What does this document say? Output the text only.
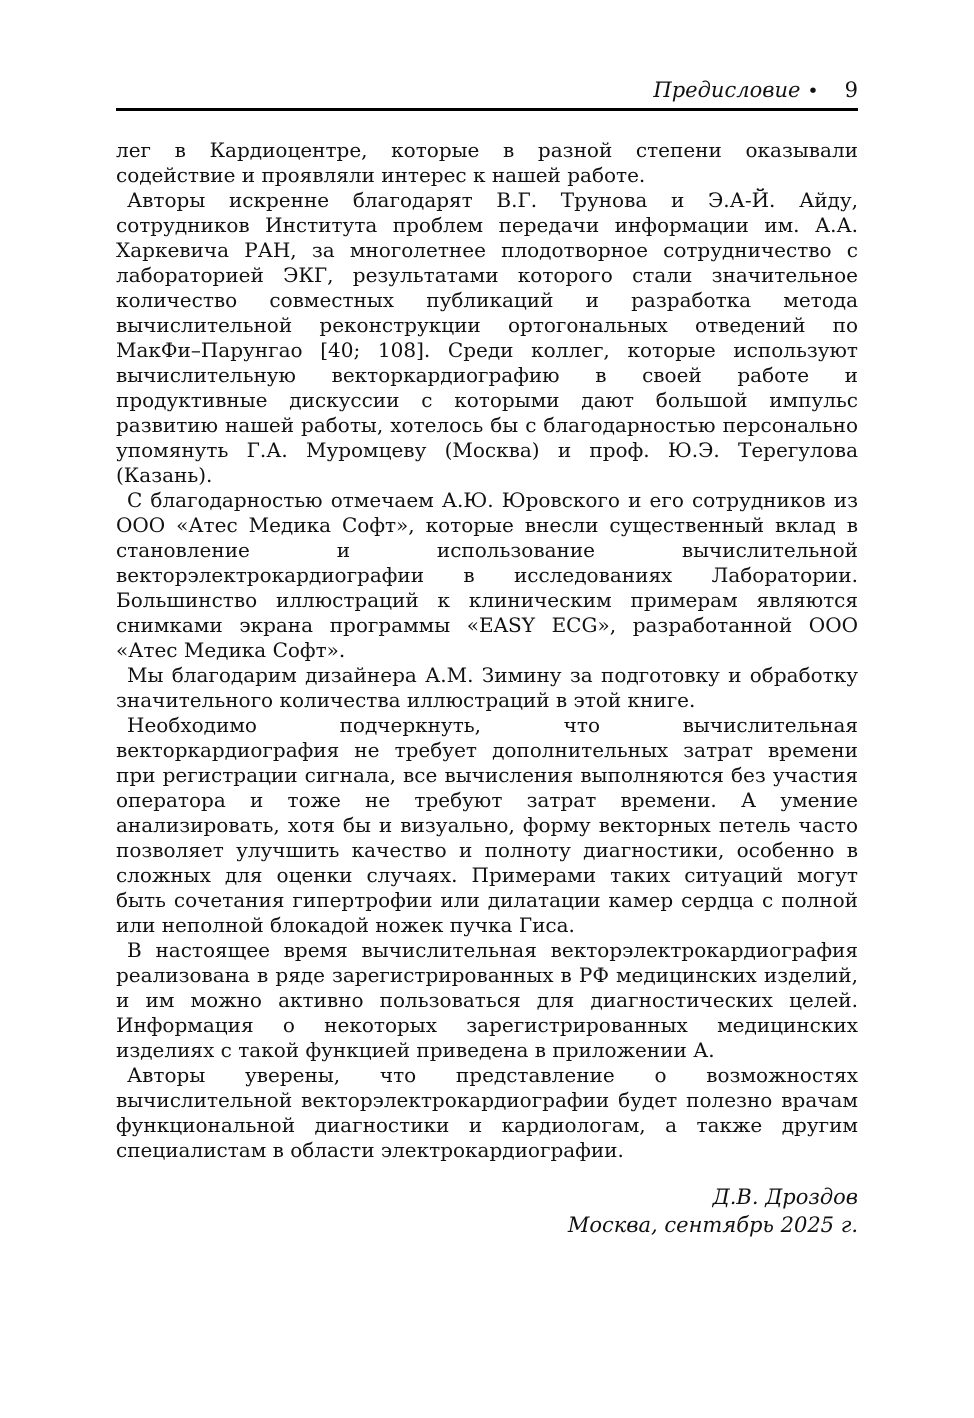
Предисловие • 9

лег в Кардиоцентре, которые в разной степени оказывали содействие и проявляли интерес к нашей работе.

Авторы искренне благодарят В.Г. Трунова и Э.А-Й. Айду, сотрудников Института проблем передачи информации им. А.А. Харкевича РАН, за многолетнее плодотворное сотрудничество с лабораторией ЭКГ, результатами которого стали значительное количество совместных публикаций и разработка метода вычислительной реконструкции ортогональных отведений по МакФи–Парунгао [40; 108]. Среди коллег, которые используют вычислительную векторкардиографию в своей работе и продуктивные дискуссии с которыми дают большой импульс развитию нашей работы, хотелось бы с благодарностью персонально упомянуть Г.А. Муромцеву (Москва) и проф. Ю.Э. Терегулова (Казань).

С благодарностью отмечаем А.Ю. Юровского и его сотрудников из ООО «Атес Медика Софт», которые внесли существенный вклад в становление и использование вычислительной векторэлектрокардиографии в исследованиях Лаборатории. Большинство иллюстраций к клиническим примерам являются снимками экрана программы «EASY ECG», разработанной ООО «Атес Медика Софт».

Мы благодарим дизайнера А.М. Зимину за подготовку и обработку значительного количества иллюстраций в этой книге.

Необходимо подчеркнуть, что вычислительная векторкардиография не требует дополнительных затрат времени при регистрации сигнала, все вычисления выполняются без участия оператора и тоже не требуют затрат времени. А умение анализировать, хотя бы и визуально, форму векторных петель часто позволяет улучшить качество и полноту диагностики, особенно в сложных для оценки случаях. Примерами таких ситуаций могут быть сочетания гипертрофии или дилатации камер сердца с полной или неполной блокадой ножек пучка Гиса.

В настоящее время вычислительная векторэлектрокардиография реализована в ряде зарегистрированных в РФ медицинских изделий, и им можно активно пользоваться для диагностических целей. Информация о некоторых зарегистрированных медицинских изделиях с такой функцией приведена в приложении А.

Авторы уверены, что представление о возможностях вычислительной векторэлектрокардиографии будет полезно врачам функциональной диагностики и кардиологам, а также другим специалистам в области электрокардиографии.

Д.В. Дроздов
Москва, сентябрь 2025 г.
